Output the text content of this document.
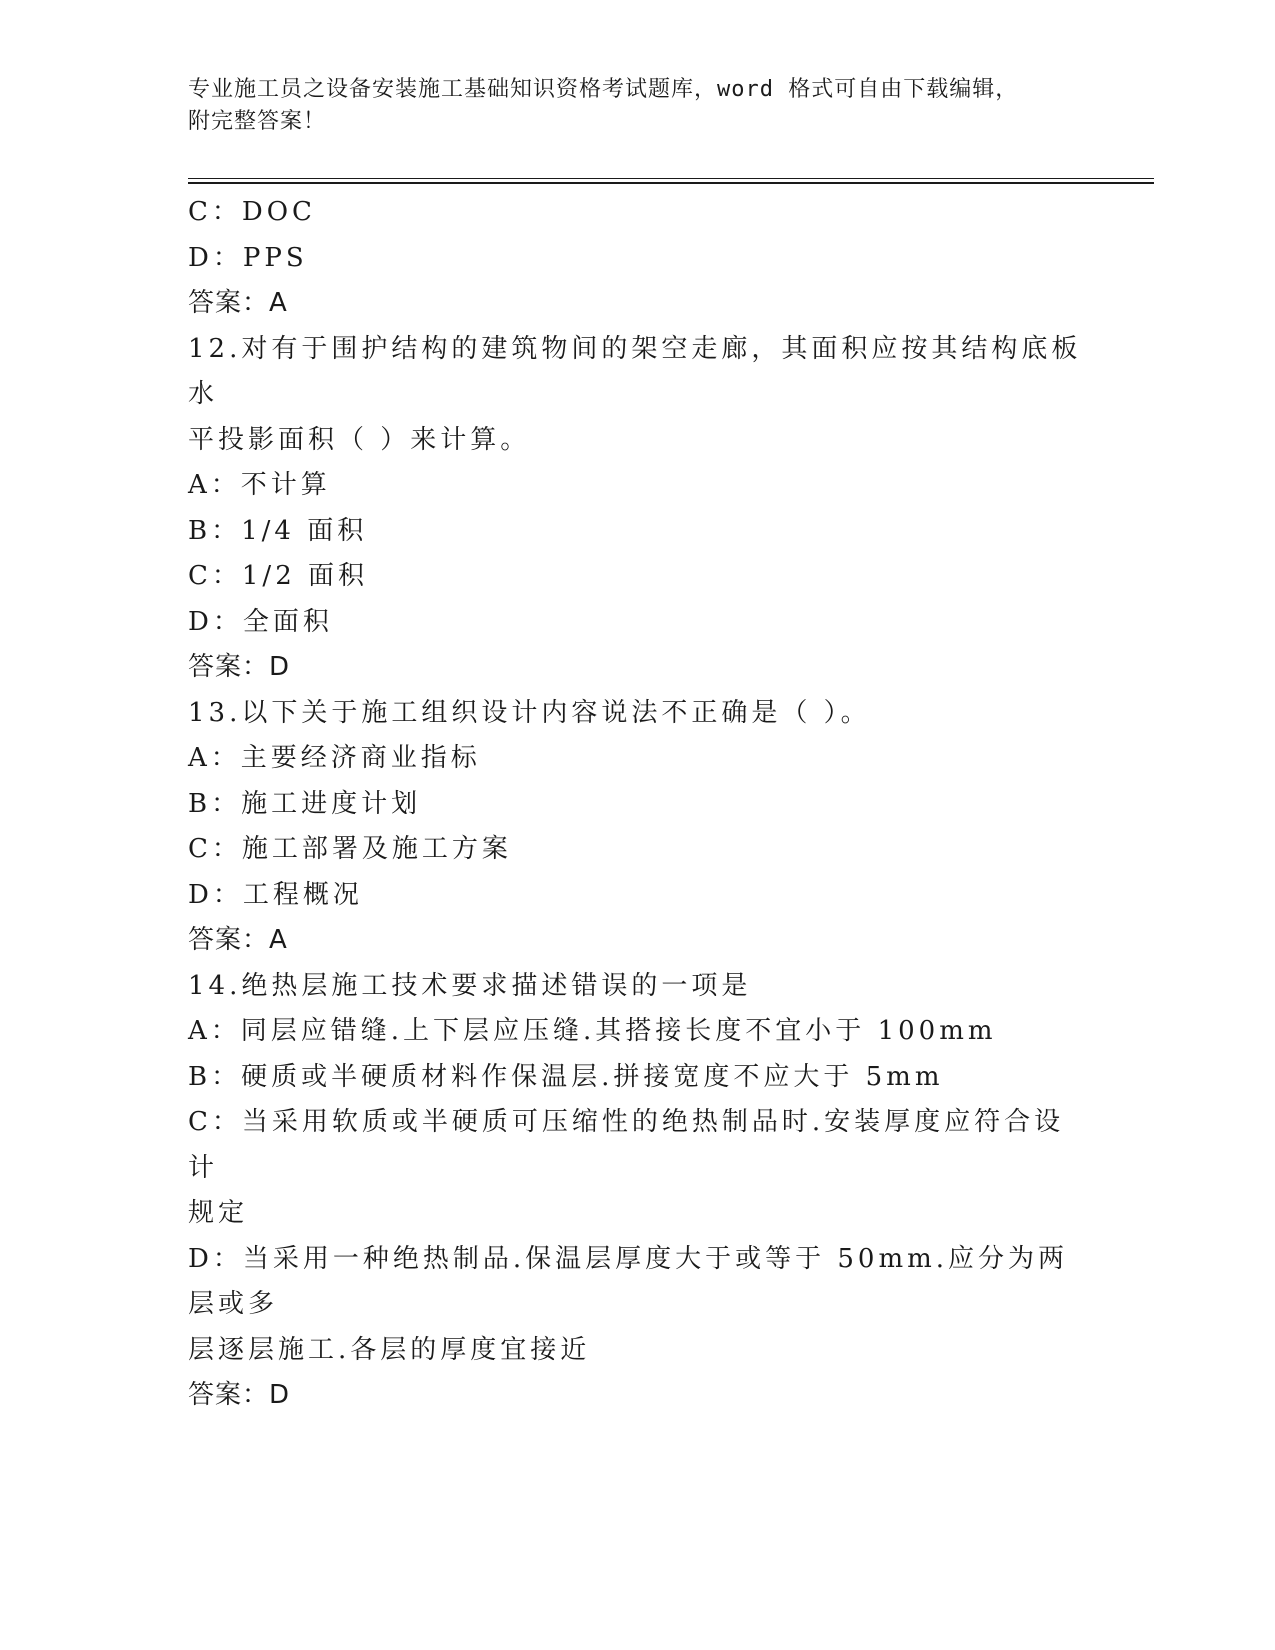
专业施工员之设备安装施工基础知识资格考试题库，word 格式可自由下载编辑，
附完整答案！
C：DOC
D：PPS
答案：A
12.对有于围护结构的建筑物间的架空走廊，其面积应按其结构底板水
平投影面积（ ）来计算。
A：不计算
B：1/4 面积
C：1/2 面积
D：全面积
答案：D
13.以下关于施工组织设计内容说法不正确是（ ）。
A：主要经济商业指标
B：施工进度计划
C：施工部署及施工方案
D：工程概况
答案：A
14.绝热层施工技术要求描述错误的一项是
A：同层应错缝.上下层应压缝.其搭接长度不宜小于 100mm
B：硬质或半硬质材料作保温层.拼接宽度不应大于 5mm
C：当采用软质或半硬质可压缩性的绝热制品时.安装厚度应符合设计
规定
D：当采用一种绝热制品.保温层厚度大于或等于 50mm.应分为两层或多
层逐层施工.各层的厚度宜接近
答案：D
